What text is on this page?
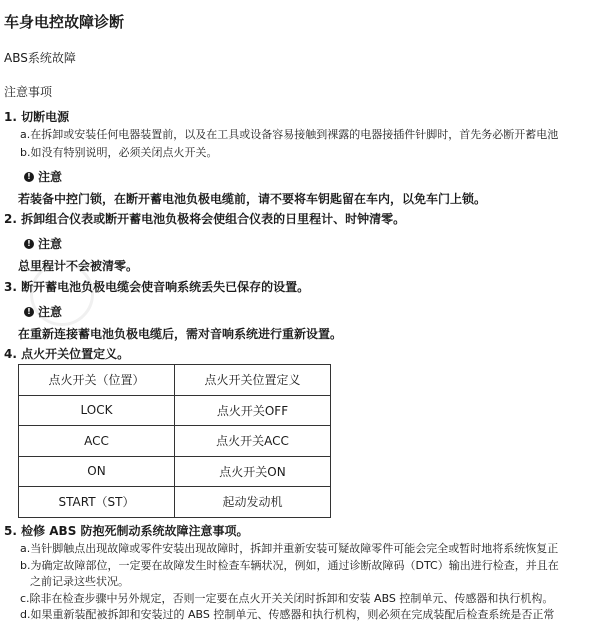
车身电控故障诊断
ABS系统故障
注意事项
1. 切断电源
a.在拆卸或安装任何电器装置前，以及在工具或设备容易接触到裸露的电器接插件针脚时，首先务必断开蓄电池
b.如没有特别说明，必须关闭点火开关。
! 注意
若装备中控门锁，在断开蓄电池负极电缆前，请不要将车钥匙留在车内，以免车门上锁。
2. 拆卸组合仪表或断开蓄电池负极将会使组合仪表的日里程计、时钟清零。
! 注意
总里程计不会被清零。
3. 断开蓄电池负极电缆会使音响系统丢失已保存的设置。
! 注意
在重新连接蓄电池负极电缆后，需对音响系统进行重新设置。
4. 点火开关位置定义。
点火开关（位置）	点火开关位置定义
LOCK	点火开关OFF
ACC	点火开关ACC
ON	点火开关ON
START（ST）	起动发动机
5. 检修 ABS 防抱死制动系统故障注意事项。
a.当针脚触点出现故障或零件安装出现故障时，拆卸并重新安装可疑故障零件可能会完全或暂时地将系统恢复正
b.为确定故障部位，一定要在故障发生时检查车辆状况，例如，通过诊断故障码（DTC）输出进行检查，并且在
之前记录这些状况。
c.除非在检查步骤中另外规定，否则一定要在点火开关关闭时拆卸和安装 ABS 控制单元、传感器和执行机构。
d.如果重新装配被拆卸和安装过的 ABS 控制单元、传感器和执行机构，则必须在完成装配后检查系统是否正常
